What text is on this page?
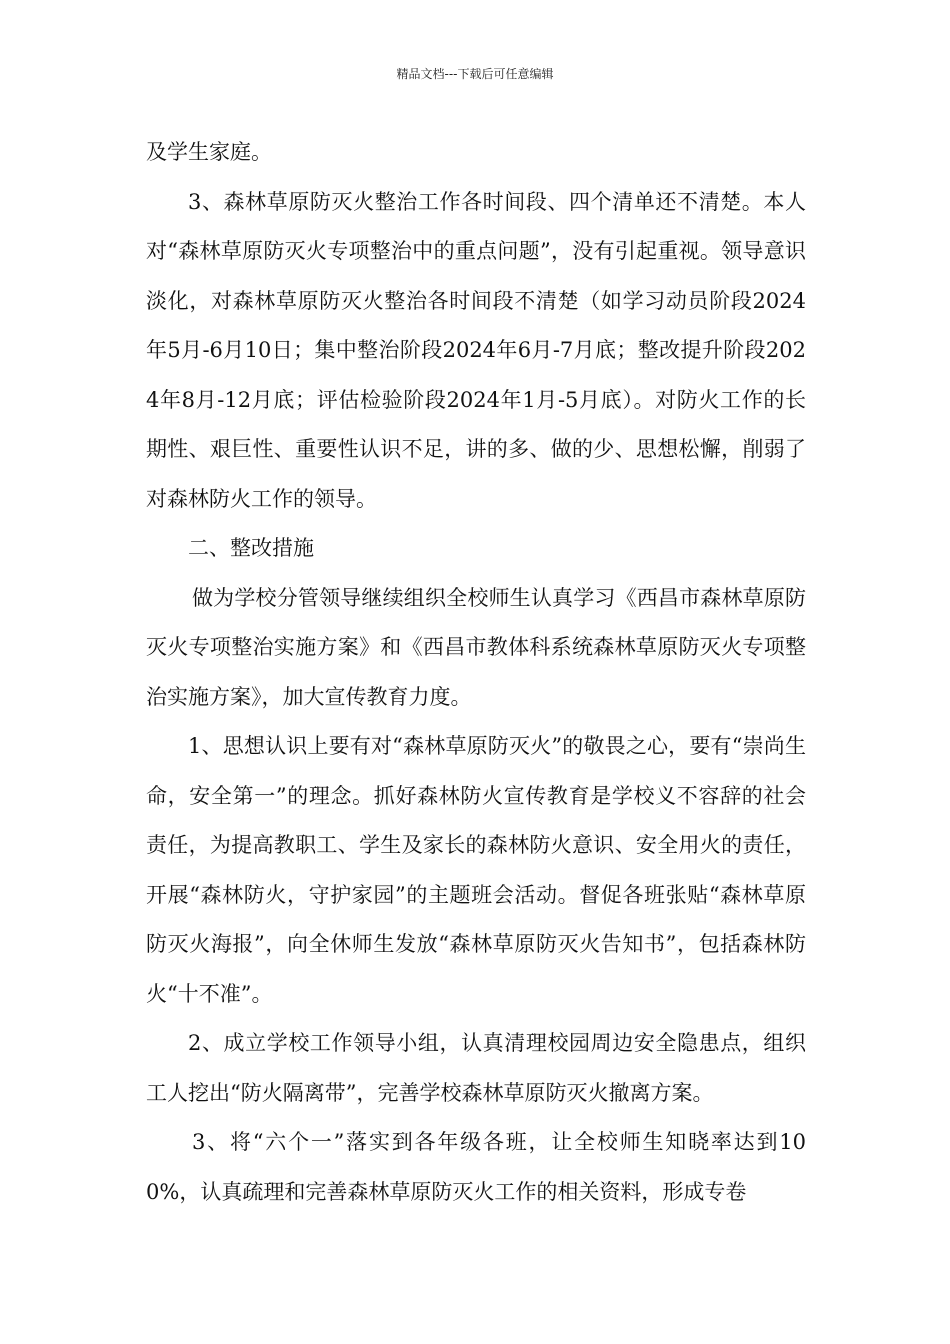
精品文档---下载后可任意编辑

及学生家庭。

3、森林草原防灭火整治工作各时间段、四个清单还不清楚。本人对“森林草原防灭火专项整治中的重点问题”，没有引起重视。领导意识淡化，对森林草原防灭火整治各时间段不清楚（如学习动员阶段2024年5月-6月10日；集中整治阶段2024年6月-7月底；整改提升阶段2024年8月-12月底；评估检验阶段2024年1月-5月底）。对防火工作的长期性、艰巨性、重要性认识不足，讲的多、做的少、思想松懈，削弱了对森林防火工作的领导。

二、整改措施

做为学校分管领导继续组织全校师生认真学习《西昌市森林草原防灭火专项整治实施方案》和《西昌市教体科系统森林草原防灭火专项整治实施方案》，加大宣传教育力度。

1、思想认识上要有对“森林草原防灭火”的敬畏之心，要有“崇尚生命，安全第一”的理念。抓好森林防火宣传教育是学校义不容辞的社会责任，为提高教职工、学生及家长的森林防火意识、安全用火的责任，开展“森林防火，守护家园”的主题班会活动。督促各班张贴“森林草原防灭火海报”，向全休师生发放“森林草原防灭火告知书”，包括森林防火“十不准”。

2、成立学校工作领导小组，认真清理校园周边安全隐患点，组织工人挖出“防火隔离带”，完善学校森林草原防灭火撤离方案。

3、将“六个一”落实到各年级各班，让全校师生知晓率达到100%，认真疏理和完善森林草原防灭火工作的相关资料，形成专卷
